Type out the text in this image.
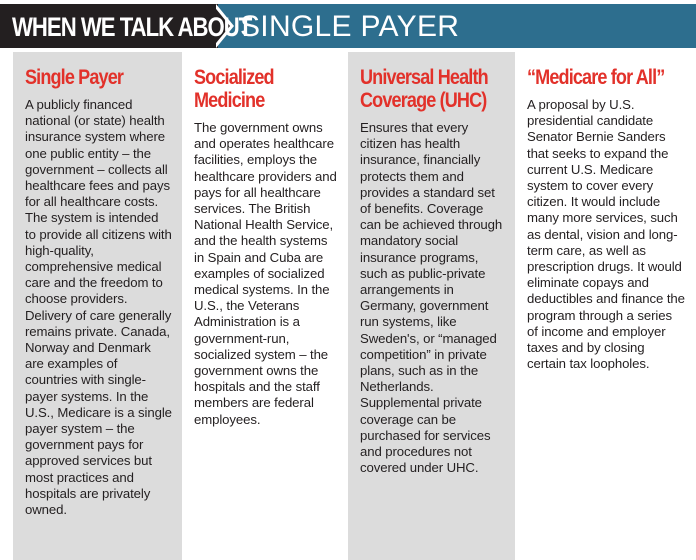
WHEN WE TALK ABOUT
SINGLE PAYER
Single Payer
A publicly financed national (or state) health insurance system where one public entity – the government – collects all healthcare fees and pays for all healthcare costs. The system is intended to provide all citizens with high-quality, comprehensive medical care and the freedom to choose providers. Delivery of care generally remains private. Canada, Norway and Denmark are examples of countries with single-payer systems. In the U.S., Medicare is a single payer system – the government pays for approved services but most practices and hospitals are privately owned.
Socialized Medicine
The government owns and operates healthcare facilities, employs the healthcare providers and pays for all healthcare services. The British National Health Service, and the health systems in Spain and Cuba are examples of socialized medical systems. In the U.S., the Veterans Administration is a government-run, socialized system – the government owns the hospitals and the staff members are federal employees.
Universal Health Coverage (UHC)
Ensures that every citizen has health insurance, financially protects them and provides a standard set of benefits. Coverage can be achieved through mandatory social insurance programs, such as public-private arrangements in Germany, government run systems, like Sweden's, or “managed competition” in private plans, such as in the Netherlands. Supplemental private coverage can be purchased for services and procedures not covered under UHC.
“Medicare for All”
A proposal by U.S. presidential candidate Senator Bernie Sanders that seeks to expand the current U.S. Medicare system to cover every citizen. It would include many more services, such as dental, vision and long-term care, as well as prescription drugs. It would eliminate copays and deductibles and finance the program through a series of income and employer taxes and by closing certain tax loopholes.
